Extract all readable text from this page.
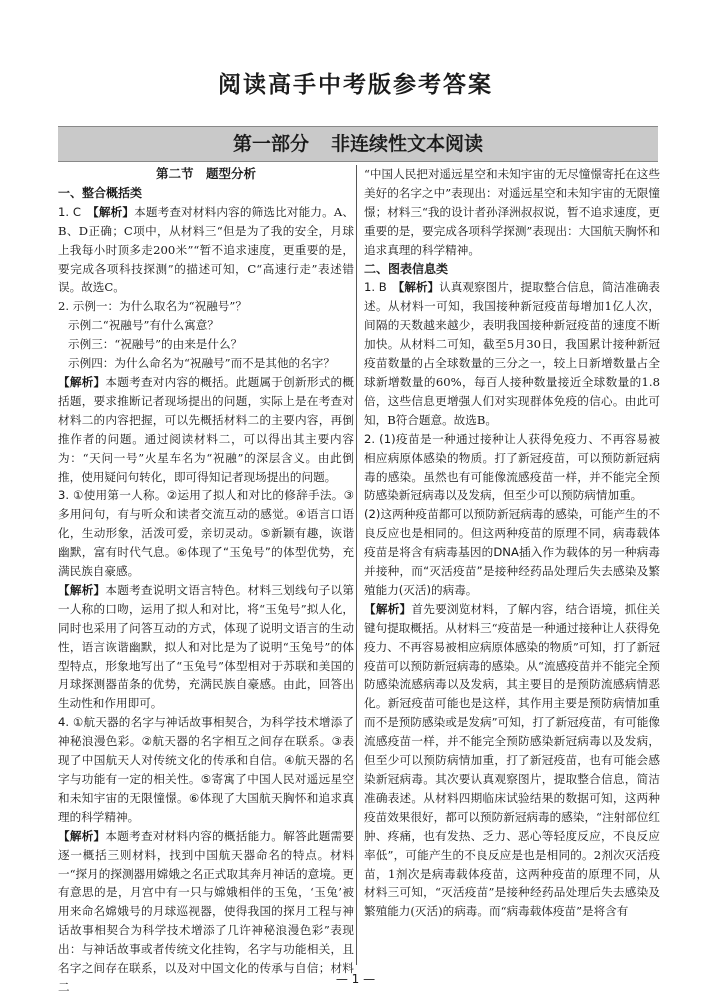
阅读高手中考版参考答案
第一部分 非连续性文本阅读

第二节　题型分析

一、整合概括类

1. C　【解析】本题考查对材料内容的筛选比对能力。A、B、D正确；C项中，从材料三“但是为了我的安全，月球上我每小时顶多走200米”“暂不追求速度，更重要的是，要完成各项科技探测”的描述可知，C“高速行走”表述错误。故选C。

2. 示例一：为什么取名为“祝融号”？

示例二“祝融号”有什么寓意？

示例三：“祝融号”的由来是什么？

示例四：为什么命名为“祝融号”而不是其他的名字？

【解析】本题考查对内容的概括。此题属于创新形式的概括题，要求推断记者现场提出的问题，实际上是在考查对材料二的内容把握，可以先概括材料二的主要内容，再倒推作者的问题。通过阅读材料二，可以得出其主要内容为：“天问一号”火星车名为“祝融”的深层含义。由此倒推，使用疑问句转化，即可得知记者现场提出的问题。

3. ①使用第一人称。②运用了拟人和对比的修辞手法。③多用问句，有与听众和读者交流互动的感觉。④语言口语化，生动形象，活泼可爱，亲切灵动。⑤新颖有趣，诙谐幽默，富有时代气息。⑥体现了“玉兔号”的体型优势，充满民族自豪感。

【解析】本题考查说明文语言特色。材料三划线句子以第一人称的口吻，运用了拟人和对比，将“玉兔号”拟人化，同时也采用了问答互动的方式，体现了说明文语言的生动性，语言诙谐幽默，拟人和对比是为了说明“玉兔号”的体型特点，形象地写出了“玉兔号”体型相对于苏联和美国的月球探测器苗条的优势，充满民族自豪感。由此，回答出生动性和作用即可。

4. ①航天器的名字与神话故事相契合，为科学技术增添了神秘浪漫色彩。②航天器的名字相互之间存在联系。③表现了中国航天人对传统文化的传承和自信。④航天器的名字与功能有一定的相关性。⑤寄寓了中国人民对遥远星空和未知宇宙的无限憧憬。⑥体现了大国航天胸怀和追求真理的科学精神。

【解析】本题考查对材料内容的概括能力。解答此题需要逐一概括三则材料，找到中国航天器命名的特点。材料一“探月的探测器用嫦娥之名正式取其奔月神话的意境。更有意思的是，月宫中有一只与嫦娥相伴的玉兔，‘玉兔’被用来命名嫦娥号的月球巡视器，使得我国的探月工程与神话故事相契合为科学技术增添了几许神秘浪漫色彩”表现出：与神话故事或者传统文化挂钩，名字与功能相关，且名字之间存在联系，以及对中国文化的传承与自信；材料二

“中国人民把对遥远星空和未知宇宙的无尽憧憬寄托在这些美好的名字之中”表现出：对遥远星空和未知宇宙的无限憧憬；材料三“我的设计者孙泽洲叔叔说，暂不追求速度，更重要的是，要完成各项科学探测”表现出：大国航天胸怀和追求真理的科学精神。

二、图表信息类

1. B　【解析】认真观察图片，提取整合信息，简洁准确表述。从材料一可知，我国接种新冠疫苗每增加1亿人次，间隔的天数越来越少，表明我国接种新冠疫苗的速度不断加快。从材料二可知，截至5月30日，我国累计接种新冠疫苗数量的占全球数量的三分之一，较上日新增数量占全球新增数量的60%，每百人接种数量接近全球数量的1.8倍，这些信息更增强人们对实现群体免疫的信心。由此可知，B符合题意。故选B。

2. (1)疫苗是一种通过接种让人获得免疫力、不再容易被相应病原体感染的物质。打了新冠疫苗，可以预防新冠病毒的感染。虽然也有可能像流感疫苗一样，并不能完全预防感染新冠病毒以及发病，但至少可以预防病情加重。

(2)这两种疫苗都可以预防新冠病毒的感染，可能产生的不良反应也是相同的。但这两种疫苗的原理不同，病毒载体疫苗是将含有病毒基因的DNA插入作为载体的另一种病毒并接种，而“灭活疫苗”是接种经药品处理后失去感染及繁殖能力(灭活)的病毒。

【解析】首先要浏览材料，了解内容，结合语境，抓住关键句提取概括。从材料三“疫苗是一种通过接种让人获得免疫力、不再容易被相应病原体感染的物质”可知，打了新冠疫苗可以预防新冠病毒的感染。从“流感疫苗并不能完全预防感染流感病毒以及发病，其主要目的是预防流感病情恶化。新冠疫苗可能也是这样，其作用主要是预防病情加重而不是预防感染或是发病”可知，打了新冠疫苗，有可能像流感疫苗一样，并不能完全预防感染新冠病毒以及发病，但至少可以预防病情加重，打了新冠疫苗，也有可能会感染新冠病毒。其次要认真观察图片，提取整合信息，简洁准确表述。从材料四期临床试验结果的数据可知，这两种疫苗效果很好，都可以预防新冠病毒的感染，“注射部位红肿、疼痛，也有发热、乏力、恶心等轻度反应，不良反应率低”，可能产生的不良反应是也是相同的。2剂次灭活疫苗，1剂次是病毒载体疫苗，这两种疫苗的原理不同，从材料三可知，“灭活疫苗”是接种经药品处理后失去感染及繁殖能力(灭活)的病毒。而“病毒载体疫苗”是将含有

— 1 —
